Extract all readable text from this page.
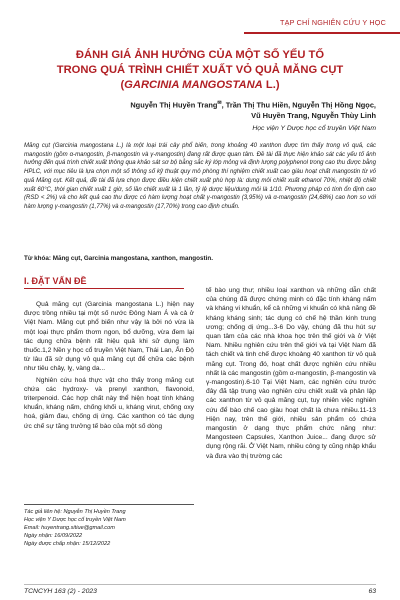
TẠP CHÍ NGHIÊN CỨU Y HỌC
ĐÁNH GIÁ ẢNH HƯỞNG CỦA MỘT SỐ YẾU TỐ
TRONG QUÁ TRÌNH CHIẾT XUẤT VỎ QUẢ MĂNG CỤT
(GARCINIA MANGOSTANA L.)
Nguyễn Thị Huyền Trang✉, Trần Thị Thu Hiền, Nguyễn Thị Hồng Ngọc,
Vũ Huyền Trang, Nguyễn Thùy Linh
Học viện Y Dược học cổ truyền Việt Nam

Măng cụt (Garcinia mangostana L.) là một loại trái cây phổ biến, trong khoảng 40 xanthon được tìm thấy trong vỏ quả, các mangostin (gồm α-mangostin, β-mangostin và γ-mangostin) đang rất được quan tâm. Đề tài đã thực hiện khảo sát các yếu tố ảnh hưởng đến quá trình chiết xuất thông qua khảo sát sơ bộ bằng sắc ký lớp mỏng và định lượng polyphenol trong cao thu được bằng HPLC, với mục tiêu là lựa chọn một số thông số kỹ thuật quy mô phòng thí nghiệm chiết xuất cao giàu hoạt chất mangostin từ vỏ quả Măng cụt. Kết quả, đề tài đã lựa chọn được điều kiện chiết xuất phù hợp là: dung môi chiết xuất ethanol 70%, nhiệt độ chiết xuất 60°C, thời gian chiết xuất 1 giờ, số lần chiết xuất là 1 lần, tỷ lệ dược liệu/dung môi là 1/10. Phương pháp có tính ổn định cao (RSD < 2%) và cho kết quả cao thu được có hàm lượng hoạt chất γ-mangostin (3,95%) và α-mangostin (24,68%) cao hơn so với hàm lượng γ-mangostin (1,77%) và α-mangostin (17,70%) trong cao định chuẩn.

Từ khóa: Măng cụt, Garcinia mangostana, xanthon, mangostin.
I. ĐẶT VẤN ĐỀ

Quả măng cụt (Garcinia mangostana L.) hiện nay được trồng nhiều tại một số nước Đông Nam Á và cả ở Việt Nam. Măng cụt phổ biến như vậy là bởi nó vừa là một loại thực phẩm thơm ngon, bổ dưỡng, vừa đem lại tác dụng chữa bệnh rất hiệu quả khi sử dụng làm thuốc.1,2 Nền y học cổ truyền Việt Nam, Thái Lan, Ấn Độ từ lâu đã sử dụng vỏ quả măng cụt để chữa các bệnh như tiêu chảy, lỵ, vàng da...

Nghiên cứu hoá thực vật cho thấy trong măng cụt chứa các hydroxy- và prenyl xanthon, flavonoid, triterpenoid. Các hợp chất này thể hiện hoạt tính kháng khuẩn, kháng nấm, chống khối u, kháng virut, chống oxy hoá, giảm đau, chống dị ứng. Các xanthon có tác dụng ức chế sự tăng trưởng tế bào của một số dòng

tế bào ung thư; nhiều loại xanthon và những dẫn chất của chúng đã được chứng minh có đặc tính kháng nấm và kháng vi khuẩn, kể cả những vi khuẩn có khả năng đề kháng kháng sinh; tác dụng có chế hệ thần kinh trung ương; chống dị ứng...3-6 Do vậy, chúng đã thu hút sự quan tâm của các nhà khoa học trên thế giới và ở Việt Nam. Nhiều nghiên cứu trên thế giới và tại Việt Nam đã tách chiết và tinh chế được khoảng 40 xanthon từ vỏ quả măng cụt. Trong đó, hoạt chất được nghiên cứu nhiều nhất là các mangostin (gồm α-mangostin, β-mangostin và γ-mangostin).6-10 Tại Việt Nam, các nghiên cứu trước đây đã tập trung vào nghiên cứu chiết xuất và phân lập các xanthon từ vỏ quả măng cụt, tuy nhiên việc nghiên cứu để bào chế cao giàu hoạt chất là chưa nhiều.11-13 Hiện nay, trên thế giới, nhiều sản phẩm có chứa mangostin ở dạng thực phẩm chức năng như: Mangosteen Capsules, Xanthon Juice... đang được sử dụng rộng rãi. Ở Việt Nam, nhiều công ty cũng nhập khẩu và đưa vào thị trường các

Tác giả liên hệ: Nguyễn Thị Huyền Trang
Học viện Y Dược học cổ truyền Việt Nam
Email: huyentrang.sitiue@gmail.com
Ngày nhận: 16/09/2022
Ngày được chấp nhận: 15/12/2022
TCNCYH 163 (2) - 2023	63
